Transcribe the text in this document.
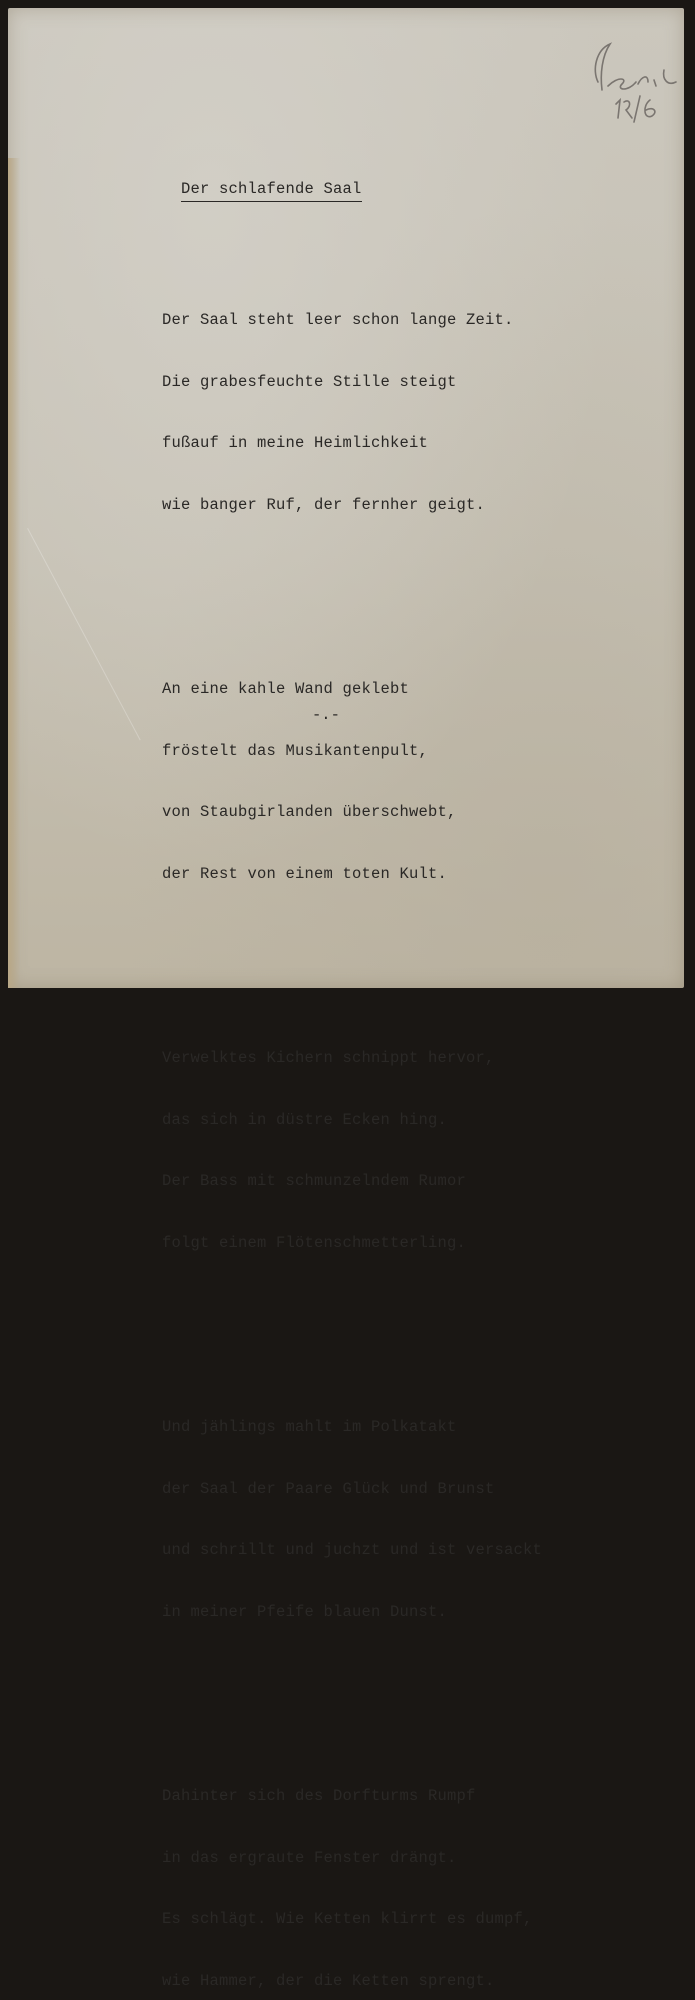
Der schlafende Saal

Der Saal steht leer schon lange Zeit.

Die grabesfeuchte Stille steigt

fußauf in meine Heimlichkeit

wie banger Ruf, der fernher geigt.

An eine kahle Wand geklebt

fröstelt das Musikantenpult,

von Staubgirlanden überschwebt,

der Rest von einem toten Kult.

Verwelktes Kichern schnippt hervor,

das sich in düstre Ecken hing.

Der Bass mit schmunzelndem Rumor

folgt einem Flötenschmetterling.

Und jählings mahlt im Polkatakt

der Saal der Paare Glück und Brunst

und schrillt und juchzt und ist versackt

in meiner Pfeife blauen Dunst.

Dahinter sich des Dorfturms Rumpf

in das ergraute Fenster drängt.

Es schlägt. Wie Ketten klirrt es dumpf,

wie Hammer, der die Ketten sprengt.

-.-
